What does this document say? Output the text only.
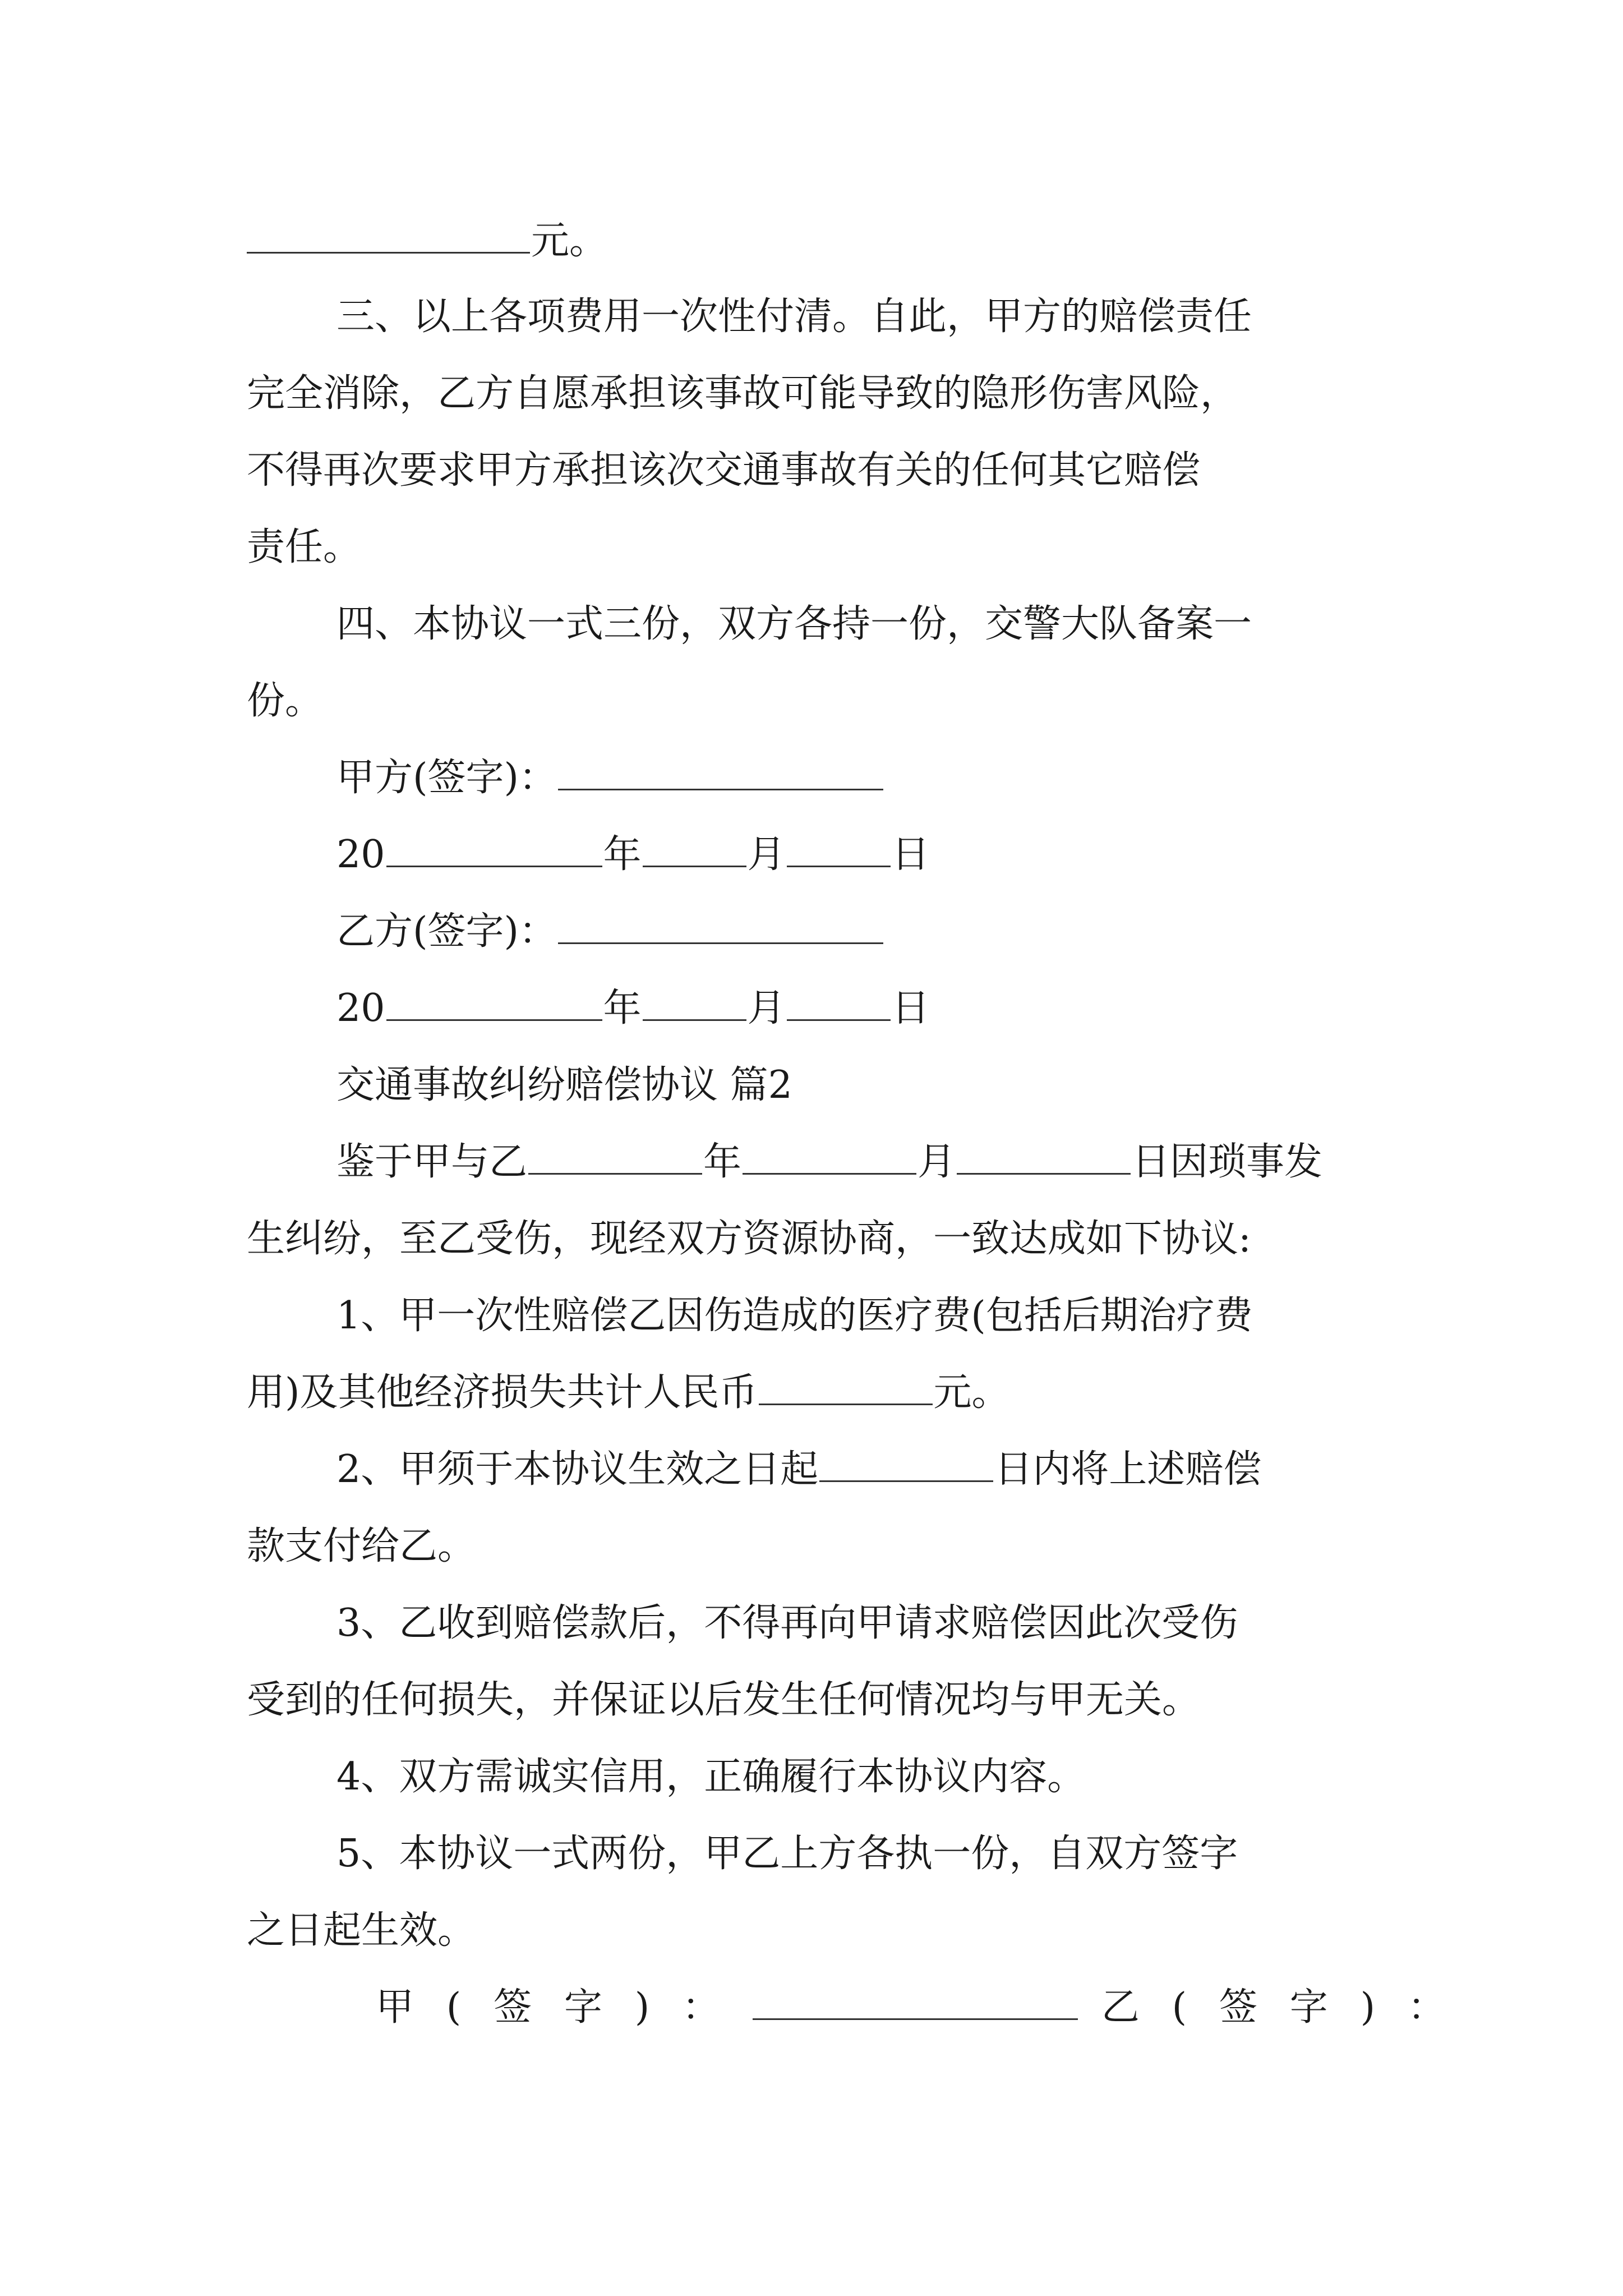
元。
三、以上各项费用一次性付清。自此，甲方的赔偿责任
完全消除，乙方自愿承担该事故可能导致的隐形伤害风险，
不得再次要求甲方承担该次交通事故有关的任何其它赔偿
责任。
四、本协议一式三份，双方各持一份，交警大队备案一
份。
甲方(签字)：
20	年	月	日
乙方(签字)：
20	年	月	日
交通事故纠纷赔偿协议 篇2
鉴于甲与乙	年	月	日因琐事发
生纠纷，至乙受伤，现经双方资源协商，一致达成如下协议:
1、甲一次性赔偿乙因伤造成的医疗费(包括后期治疗费
用)及其他经济损失共计人民币	元。
2、甲须于本协议生效之日起	日内将上述赔偿
款支付给乙。
3、乙收到赔偿款后，不得再向甲请求赔偿因此次受伤
受到的任何损失，并保证以后发生任何情况均与甲无关。
4、双方需诚实信用，正确履行本协议内容。
5、本协议一式两份，甲乙上方各执一份，自双方签字
之日起生效。
甲(签字)：	乙(签字)：
